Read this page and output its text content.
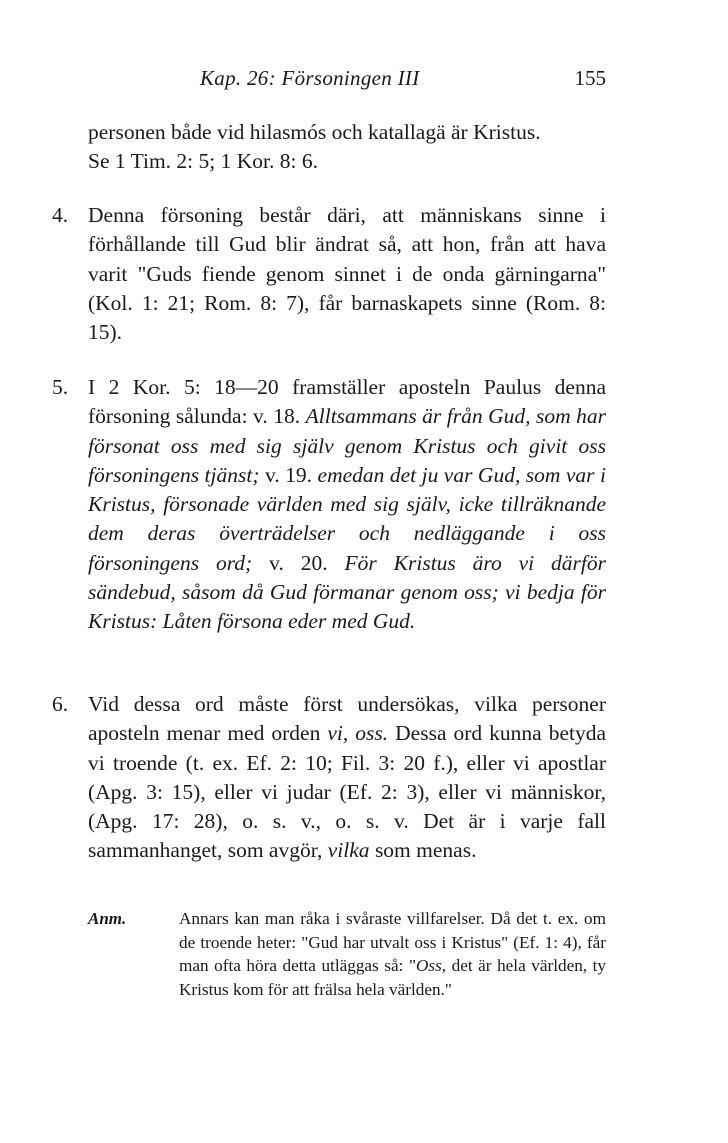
Kap. 26: Försoningen III	155
personen både vid hilasmós och katallagä är Kristus.
Se 1 Tim. 2: 5; 1 Kor. 8: 6.
4. Denna försoning består däri, att människans sinne i förhållande till Gud blir ändrat så, att hon, från att hava varit "Guds fiende genom sinnet i de onda gärningarna" (Kol. 1: 21; Rom. 8: 7), får barnaskapets sinne (Rom. 8: 15).
5. I 2 Kor. 5: 18—20 framställer aposteln Paulus denna försoning sålunda: v. 18. Alltsammans är från Gud, som har försonat oss med sig själv genom Kristus och givit oss försoningens tjänst; v. 19. emedan det ju var Gud, som var i Kristus, försonade världen med sig själv, icke tillräknande dem deras överträdelser och nedläggande i oss försoningens ord; v. 20. För Kristus äro vi därför sändebud, såsom då Gud förmanar genom oss; vi bedja för Kristus: Låten försona eder med Gud.
6. Vid dessa ord måste först undersökas, vilka personer aposteln menar med orden vi, oss. Dessa ord kunna betyda vi troende (t. ex. Ef. 2: 10; Fil. 3: 20 f.), eller vi apostlar (Apg. 3: 15), eller vi judar (Ef. 2: 3), eller vi människor, (Apg. 17: 28), o. s. v., o. s. v. Det är i varje fall sammanhanget, som avgör, vilka som menas.
Anm.	Annars kan man råka i svåraste villfarelser. Då det t. ex. om de troende heter: "Gud har utvalt oss i Kristus" (Ef. 1: 4), får man ofta höra detta utläggas så: "Oss, det är hela världen, ty Kristus kom för att frälsa hela världen."
